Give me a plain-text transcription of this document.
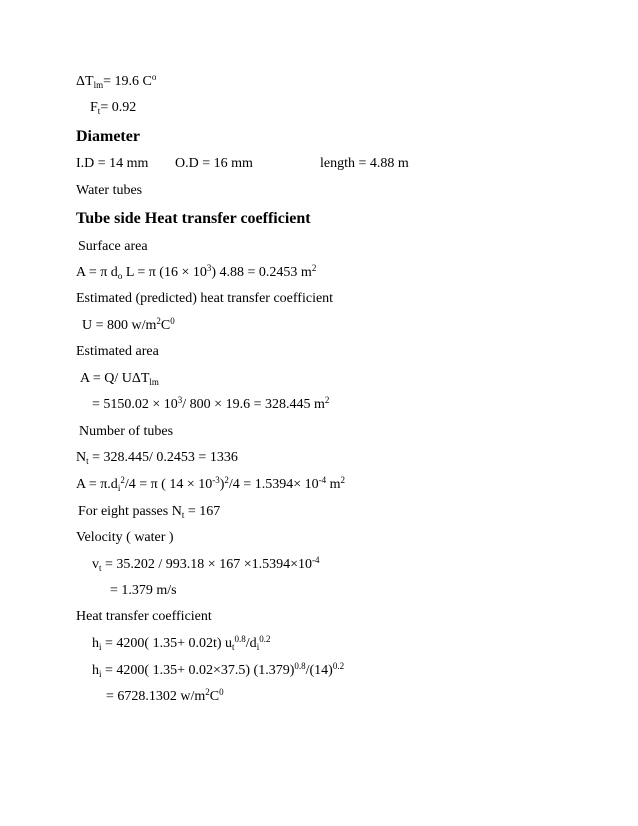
$\Delta T_{lm}= 19.6$ $C^o$
$F_t= 0.92$
Diameter
I.D = 14 mm O.D = 16 mm	length = 4.88 m
Water tubes
Tube side Heat transfer coefficient
Surface area
A = π $d_o$ L = π $(16 \times 10^3)$ 4.88 = 0.2453 $m^2$
Estimated (predicted) heat transfer coefficient
U = 800 $w/m^2C^0$
Estimated area
A = Q/ $U\Delta T_{lm}$
= $5150.02 \times 10^3/$ 800 × 19.6 = 328.445 $m^2$
Number of tubes
$N_t = 328.445/$ 0.2453 = 1336
$A = \pi.d_i^2/4 = \pi$ ( $14 \times 10^{-3})^2/4 = 1.5394\times 10^{-4}$ $m^2$
For eight passes $N_t = 167$
Velocity ( water )
$v_t = 35.202 / 993.18 \times 167 \times 1.5394\times 10^{-4}$
= 1.379 m/s
Heat transfer coefficient
$h_i = 4200$( 1.35+ 0.02t) $u_t^{0.8}/d_i^{0.2}$
$h_i = 4200$( 1.35+ 0.02×37.5) $(1.379)^{0.8}/(14)^{0.2}$
= 6728.1302 $w/m^2C^0$
